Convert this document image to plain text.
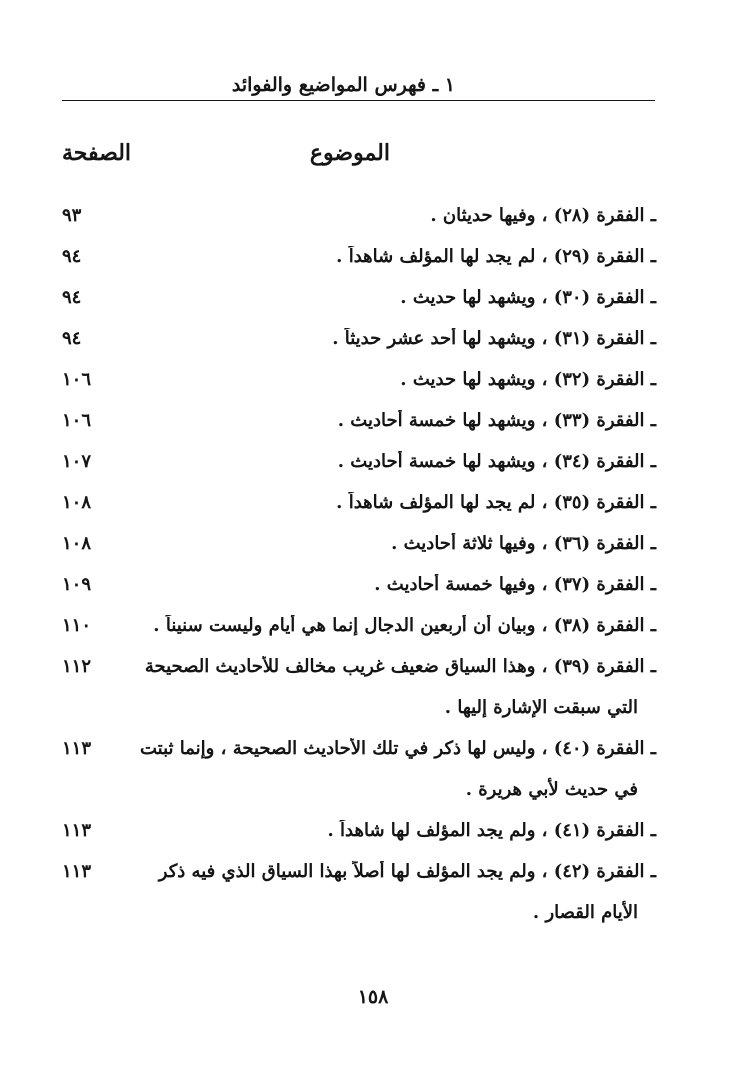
١ ـ فهرس المواضيع والفوائد
الموضوع
الصفحة
ـ الفقرة (٢٨) ، وفيها حديثان .
٩٣
ـ الفقرة (٢٩) ، لم يجد لها المؤلف شاهداً .
٩٤
ـ الفقرة (٣٠) ، ويشهد لها حديث .
٩٤
ـ الفقرة (٣١) ، ويشهد لها أحد عشر حديثاً .
٩٤
ـ الفقرة (٣٢) ، ويشهد لها حديث .
١٠٦
ـ الفقرة (٣٣) ، ويشهد لها خمسة أحاديث .
١٠٦
ـ الفقرة (٣٤) ، ويشهد لها خمسة أحاديث .
١٠٧
ـ الفقرة (٣٥) ، لم يجد لها المؤلف شاهداً .
١٠٨
ـ الفقرة (٣٦) ، وفيها ثلاثة أحاديث .
١٠٨
ـ الفقرة (٣٧) ، وفيها خمسة أحاديث .
١٠٩
ـ الفقرة (٣٨) ، وبيان أن أربعين الدجال إنما هي أيام وليست سنيناً .
١١٠
ـ الفقرة (٣٩) ، وهذا السياق ضعيف غريب مخالف للأحاديث الصحيحة
١١٢
التي سبقت الإشارة إليها .
ـ الفقرة (٤٠) ، وليس لها ذكر في تلك الأحاديث الصحيحة ، وإنما ثبتت
١١٣
في حديث لأبي هريرة .
ـ الفقرة (٤١) ، ولم يجد المؤلف لها شاهداً .
١١٣
ـ الفقرة (٤٢) ، ولم يجد المؤلف لها أصلاً بهذا السياق الذي فيه ذكر
١١٣
الأيام القصار .
١٥٨
